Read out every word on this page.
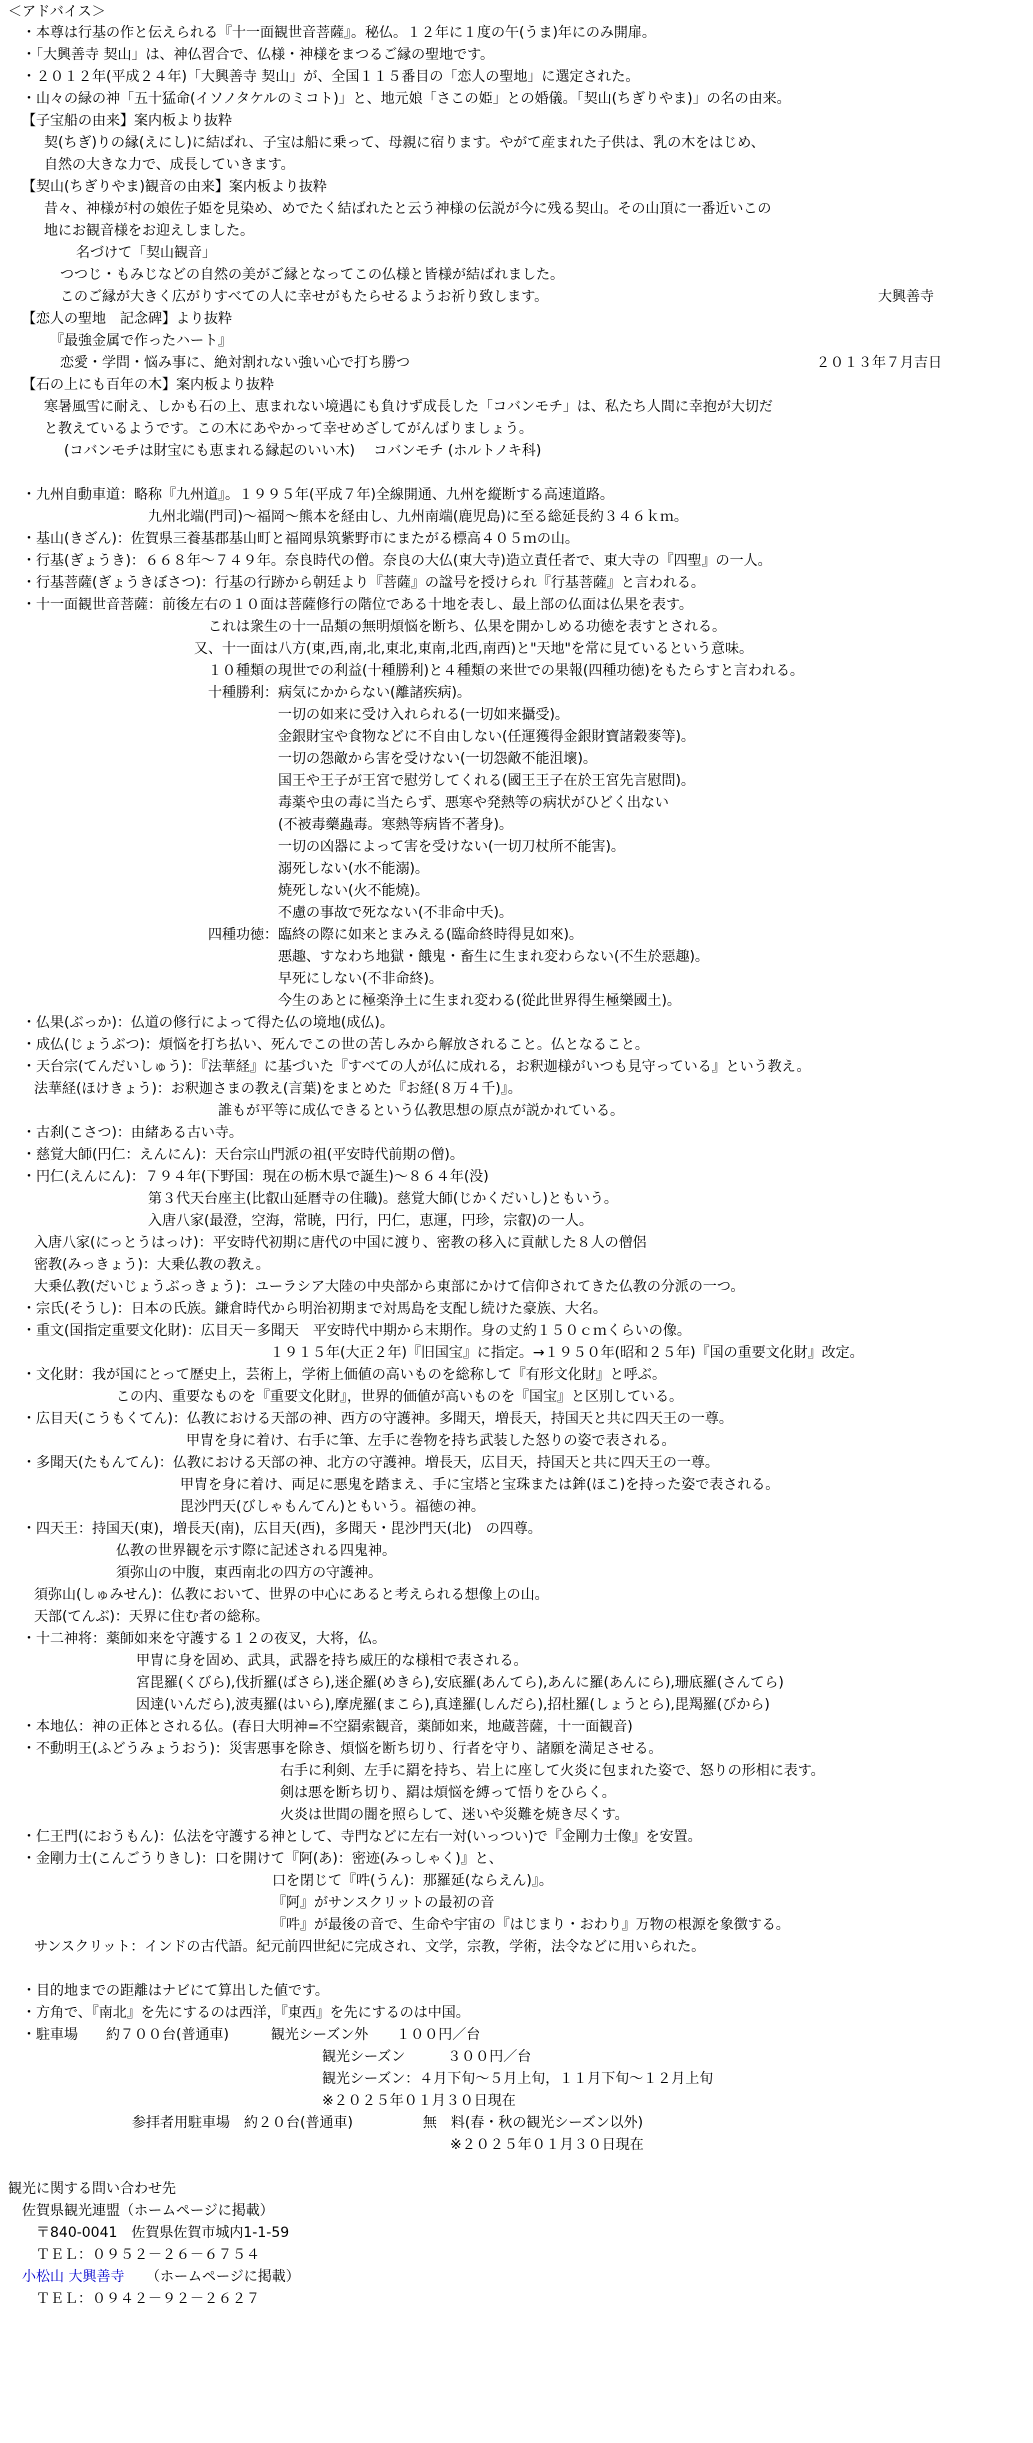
＜アドバイス＞
・本尊は行基の作と伝えられる『十一面観世音菩薩』。秘仏。１２年に１度の午(うま)年にのみ開扉。
・「大興善寺 契山」は、神仏習合で、仏様・神様をまつるご縁の聖地です。
・２０１２年(平成２４年)「大興善寺 契山」が、全国１１５番目の「恋人の聖地」に選定された。
・山々の緑の神「五十猛命(イソノタケルのミコト)」と、地元娘「さこの姫」との婚儀。「契山(ちぎりやま)」の名の由来。
【子宝船の由来】案内板より抜粋
契(ちぎ)りの縁(えにし)に結ばれ、子宝は船に乗って、母親に宿ります。やがて産まれた子供は、乳の木をはじめ、
自然の大きな力で、成長していきます。
【契山(ちぎりやま)観音の由来】案内板より抜粋
昔々、神様が村の娘佐子姫を見染め、めでたく結ばれたと云う神様の伝説が今に残る契山。その山頂に一番近いこの
地にお観音様をお迎えしました。
名づけて「契山観音」
つつじ・もみじなどの自然の美がご縁となってこの仏様と皆様が結ばれました。
このご縁が大きく広がりすべての人に幸せがもたらせるようお祈り致します。	大興善寺
【恋人の聖地　記念碑】より抜粋
『最強金属で作ったハート』
恋愛・学問・悩み事に、絶対割れない強い心で打ち勝つ	２０１３年７月吉日
【石の上にも百年の木】案内板より抜粋
寒暑風雪に耐え、しかも石の上、恵まれない境遇にも負けず成長した「コバンモチ」は、私たち人間に幸抱が大切だ
と教えているようです。この木にあやかって幸せめざしてがんばりましょう。
(コバンモチは財宝にも恵まれる縁起のいい木)　 コバンモチ (ホルトノキ科)
・九州自動車道：略称『九州道』。１９９５年(平成７年)全線開通、九州を縦断する高速道路。
九州北端(門司)～福岡～熊本を経由し、九州南端(鹿児島)に至る総延長約３４６ｋｍ。
・基山(きざん)：佐賀県三養基郡基山町と福岡県筑紫野市にまたがる標高４０５ｍの山。
・行基(ぎょうき)：６６８年～７４９年。奈良時代の僧。奈良の大仏(東大寺)造立責任者で、東大寺の『四聖』の一人。
・行基菩薩(ぎょうきぼさつ)：行基の行跡から朝廷より『菩薩』の諡号を授けられ『行基菩薩』と言われる。
・十一面観世音菩薩：前後左右の１０面は菩薩修行の階位である十地を表し、最上部の仏面は仏果を表す。
これは衆生の十一品類の無明煩悩を断ち、仏果を開かしめる功徳を表すとされる。
又、十一面は八方(東,西,南,北,東北,東南,北西,南西)と"天地"を常に見ているという意味。
１０種類の現世での利益(十種勝利)と４種類の来世での果報(四種功徳)をもたらすと言われる。
十種勝利：病気にかからない(離諸疾病)。
一切の如来に受け入れられる(一切如来攝受)。
金銀財宝や食物などに不自由しない(任運獲得金銀財寶諸穀麥等)。
一切の怨敵から害を受けない(一切怨敵不能沮壞)。
国王や王子が王宮で慰労してくれる(國王王子在於王宮先言慰問)。
毒薬や虫の毒に当たらず、悪寒や発熱等の病状がひどく出ない
(不被毒藥蟲毒。寒熱等病皆不著身)。
一切の凶器によって害を受けない(一切刀杖所不能害)。
溺死しない(水不能溺)。
焼死しない(火不能燒)。
不慮の事故で死なない(不非命中夭)。
四種功徳：臨終の際に如来とまみえる(臨命終時得見如來)。
悪趣、すなわち地獄・餓鬼・畜生に生まれ変わらない(不生於惡趣)。
早死にしない(不非命終)。
今生のあとに極楽浄土に生まれ変わる(從此世界得生極樂國土)。
・仏果(ぶっか)：仏道の修行によって得た仏の境地(成仏)。
・成仏(じょうぶつ)：煩悩を打ち払い、死んでこの世の苦しみから解放されること。仏となること。
・天台宗(てんだいしゅう)：『法華経』に基づいた『すべての人が仏に成れる，お釈迦様がいつも見守っている』という教え。
法華経(ほけきょう)：お釈迦さまの教え(言葉)をまとめた『お経(８万４千)』。
誰もが平等に成仏できるという仏教思想の原点が説かれている。
・古刹(こさつ)：由緒ある古い寺。
・慈覚大師(円仁：えんにん)：天台宗山門派の祖(平安時代前期の僧)。
・円仁(えんにん)：７９４年(下野国：現在の栃木県で誕生)～８６４年(没)
第３代天台座主(比叡山延暦寺の住職)。慈覚大師(じかくだいし)ともいう。
入唐八家(最澄，空海，常暁，円行，円仁，恵運，円珍，宗叡)の一人。
入唐八家(にっとうはっけ)：平安時代初期に唐代の中国に渡り、密教の移入に貢献した８人の僧侶
密教(みっきょう)：大乗仏教の教え。
大乗仏教(だいじょうぶっきょう)：ユーラシア大陸の中央部から東部にかけて信仰されてきた仏教の分派の一つ。
・宗氏(そうし)：日本の氏族。鎌倉時代から明治初期まで対馬島を支配し続けた豪族、大名。
・重文(国指定重要文化財)：広目天－多聞天　平安時代中期から末期作。身の丈約１５０ｃｍくらいの像。
１９１５年(大正２年)『旧国宝』に指定。→１９５０年(昭和２５年)『国の重要文化財』改定。
・文化財：我が国にとって歴史上，芸術上，学術上価値の高いものを総称して『有形文化財』と呼ぶ。
この内、重要なものを『重要文化財』，世界的価値が高いものを『国宝』と区別している。
・広目天(こうもくてん)：仏教における天部の神、西方の守護神。多聞天，増長天，持国天と共に四天王の一尊。
甲冑を身に着け、右手に筆、左手に巻物を持ち武装した怒りの姿で表される。
・多聞天(たもんてん)：仏教における天部の神、北方の守護神。増長天，広目天，持国天と共に四天王の一尊。
甲冑を身に着け、両足に悪鬼を踏まえ、手に宝塔と宝珠または鉾(ほこ)を持った姿で表される。
毘沙門天(びしゃもんてん)ともいう。福徳の神。
・四天王：持国天(東)，増長天(南)，広目天(西)，多聞天・毘沙門天(北)　の四尊。
仏教の世界観を示す際に記述される四鬼神。
須弥山の中腹，東西南北の四方の守護神。
須弥山(しゅみせん)：仏教において、世界の中心にあると考えられる想像上の山。
天部(てんぶ)：天界に住む者の総称。
・十二神将：薬師如来を守護する１２の夜叉，大将，仏。
甲冑に身を固め、武具，武器を持ち威圧的な様相で表される。
宮毘羅(くびら),伐折羅(ばさら),迷企羅(めきら),安底羅(あんてら),あんに羅(あんにら),珊底羅(さんてら)
因達(いんだら),波夷羅(はいら),摩虎羅(まこら),真達羅(しんだら),招杜羅(しょうとら),毘羯羅(びから)
・本地仏：神の正体とされる仏。(春日大明神=不空羂索観音，薬師如来，地蔵菩薩，十一面観音)
・不動明王(ふどうみょうおう)：災害悪事を除き、煩悩を断ち切り、行者を守り、諸願を満足させる。
右手に利剣、左手に羂を持ち、岩上に座して火炎に包まれた姿で、怒りの形相に表す。
剣は悪を断ち切り、羂は煩悩を縛って悟りをひらく。
火炎は世間の闇を照らして、迷いや災難を焼き尽くす。
・仁王門(におうもん)：仏法を守護する神として、寺門などに左右一対(いっつい)で『金剛力士像』を安置。
・金剛力士(こんごうりきし)：口を開けて『阿(あ)：密迹(みっしゃく)』と、
口を閉じて『吽(うん)：那羅延(ならえん)』。
『阿』がサンスクリットの最初の音
『吽』が最後の音で、生命や宇宙の『はじまり・おわり』万物の根源を象徴する。
サンスクリット：インドの古代語。紀元前四世紀に完成され、文学，宗教，学術，法令などに用いられた。
・目的地までの距離はナビにて算出した値です。
・方角で、『南北』を先にするのは西洋，『東西』を先にするのは中国。
・駐車場　　約７００台(普通車)　　　観光シーズン外　　１００円／台
観光シーズン　　　３００円／台
観光シーズン：４月下旬～５月上旬，１１月下旬～１２月上旬
※２０２５年０１月３０日現在
参拝者用駐車場　約２０台(普通車)　　　　　無　料(春・秋の観光シーズン以外)
※２０２５年０１月３０日現在
観光に関する問い合わせ先
佐賀県観光連盟（ホームページに掲載）
〒840-0041　佐賀県佐賀市城内1-1-59
ＴＥＬ：０９５２－２６－６７５４
小松山 大興善寺 （ホームページに掲載）
ＴＥＬ：０９４２－９２－２６２７
